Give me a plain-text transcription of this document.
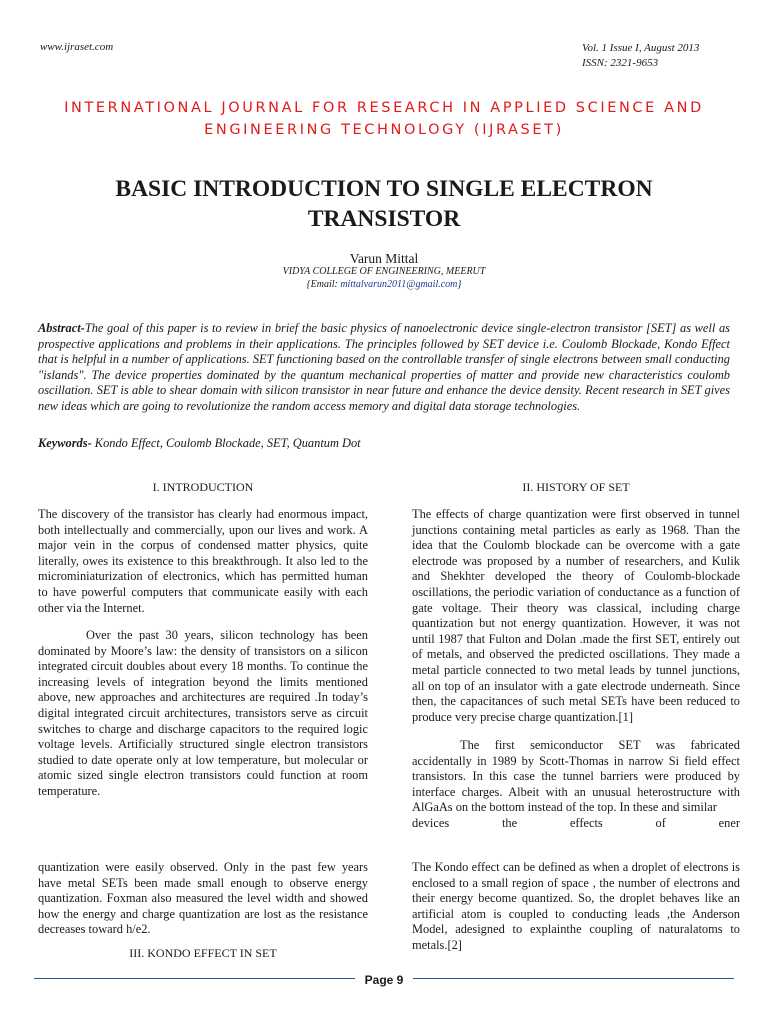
www.ijraset.com	Vol. 1 Issue I, August 2013
ISSN: 2321-9653
INTERNATIONAL JOURNAL FOR RESEARCH IN APPLIED SCIENCE AND
ENGINEERING TECHNOLOGY (IJRASET)
BASIC INTRODUCTION TO SINGLE ELECTRON
TRANSISTOR
Varun Mittal
VIDYA COLLEGE OF ENGINEERING, MEERUT
{Email: mittalvarun2011@gmail.com}
Abstract-The goal of this paper is to review in brief the basic physics of nanoelectronic device single-electron transistor [SET] as well as prospective applications and problems in their applications. The principles followed by SET device i.e. Coulomb Blockade, Kondo Effect that is helpful in a number of applications. SET functioning based on the controllable transfer of single electrons between small conducting "islands". The device properties dominated by the quantum mechanical properties of matter and provide new characteristics coulomb oscillation. SET is able to shear domain with silicon transistor in near future and enhance the device density. Recent research in SET gives new ideas which are going to revolutionize the random access memory and digital data storage technologies.
Keywords- Kondo Effect, Coulomb Blockade, SET, Quantum Dot
I. INTRODUCTION
The discovery of the transistor has clearly had enormous impact, both intellectually and commercially, upon our lives and work. A major vein in the corpus of condensed matter physics, quite literally, owes its existence to this breakthrough. It also led to the microminiaturization of electronics, which has permitted human to have powerful computers that communicate easily with each other via the Internet.
Over the past 30 years, silicon technology has been dominated by Moore’s law: the density of transistors on a silicon integrated circuit doubles about every 18 months. To continue the increasing levels of integration beyond the limits mentioned above, new approaches and architectures are required .In today’s digital integrated circuit architectures, transistors serve as circuit switches to charge and discharge capacitors to the required logic voltage levels. Artificially structured single electron transistors studied to date operate only at low temperature, but molecular or atomic sized single electron transistors could function at room temperature.
quantization were easily observed. Only in the past few years have metal SETs been made small enough to observe energy quantization. Foxman also measured the level width and showed how the energy and charge quantization are lost as the resistance decreases toward h/e2.
III. KONDO EFFECT IN SET
II. HISTORY OF SET
The effects of charge quantization were first observed in tunnel junctions containing metal particles as early as 1968. Than the idea that the Coulomb blockade can be overcome with a gate electrode was proposed by a number of researchers, and Kulik and Shekhter developed the theory of Coulomb-blockade oscillations, the periodic variation of conductance as a function of gate voltage. Their theory was classical, including charge quantization but not energy quantization. However, it was not until 1987 that Fulton and Dolan .made the first SET, entirely out of metals, and observed the predicted oscillations. They made a metal particle connected to two metal leads by tunnel junctions, all on top of an insulator with a gate electrode underneath. Since then, the capacitances of such metal SETs have been reduced to produce very precise charge quantization.[1]
The first semiconductor SET was fabricated accidentally in 1989 by Scott-Thomas in narrow Si field effect transistors. In this case the tunnel barriers were produced by interface charges. Albeit with an unusual heterostructure with AlGaAs on the bottom instead of the top. In these and similar
devices the effects of ener
The Kondo effect can be defined as when a droplet of electrons is enclosed to a small region of space , the number of electrons and their energy become quantized. So, the droplet behaves like an artificial atom is coupled to conducting leads ,the Anderson Model, adesigned to explainthe coupling of naturalatoms to metals.[2]
Page 9
